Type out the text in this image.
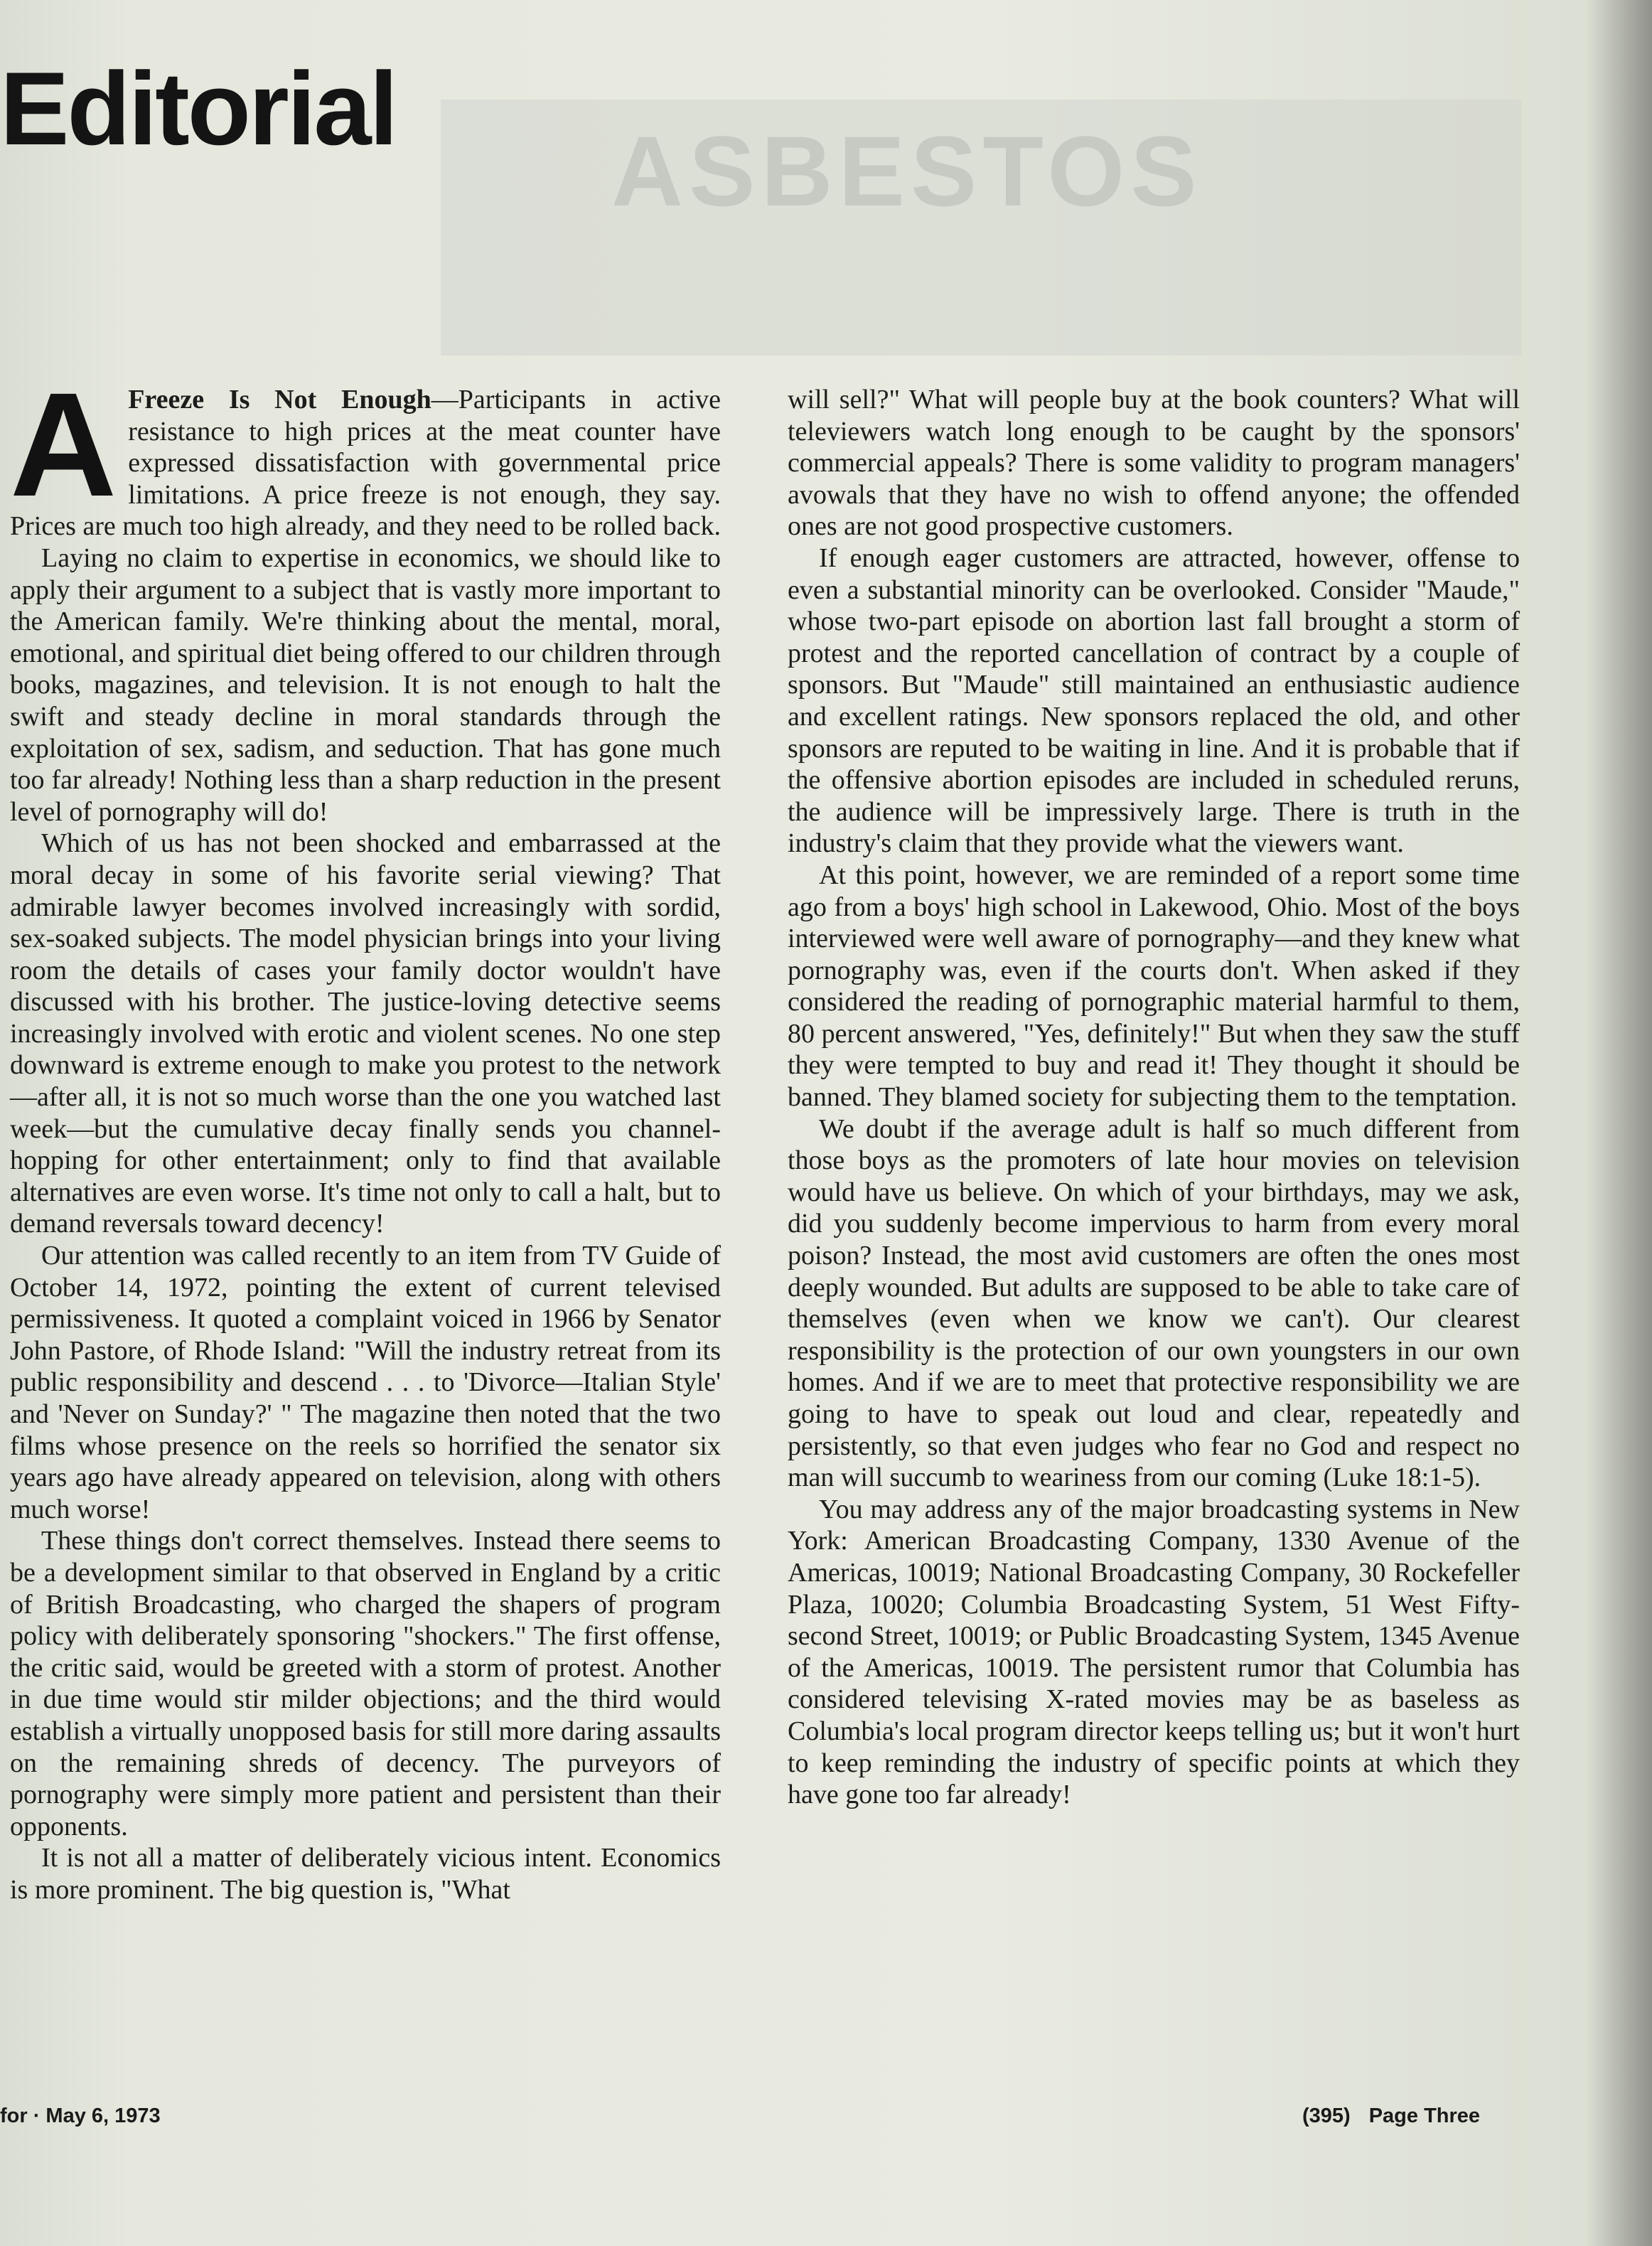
ASBESTOS
Editorial

A Freeze Is Not Enough—Participants in active resistance to high prices at the meat counter have expressed dissatisfaction with governmental price limitations. A price freeze is not enough, they say. Prices are much too high already, and they need to be rolled back.

Laying no claim to expertise in economics, we should like to apply their argument to a subject that is vastly more important to the American family. We're thinking about the mental, moral, emotional, and spiritual diet being offered to our children through books, magazines, and television. It is not enough to halt the swift and steady decline in moral standards through the exploitation of sex, sadism, and seduction. That has gone much too far already! Nothing less than a sharp reduction in the present level of pornography will do!

Which of us has not been shocked and embarrassed at the moral decay in some of his favorite serial viewing? That admirable lawyer becomes involved increasingly with sordid, sex-soaked subjects. The model physician brings into your living room the details of cases your family doctor wouldn't have discussed with his brother. The justice-loving detective seems increasingly involved with erotic and violent scenes. No one step downward is extreme enough to make you protest to the network—after all, it is not so much worse than the one you watched last week—but the cumulative decay finally sends you channel-hopping for other entertainment; only to find that available alternatives are even worse. It's time not only to call a halt, but to demand reversals toward decency!

Our attention was called recently to an item from TV Guide of October 14, 1972, pointing the extent of current televised permissiveness. It quoted a complaint voiced in 1966 by Senator John Pastore, of Rhode Island: "Will the industry retreat from its public responsibility and descend . . . to 'Divorce—Italian Style' and 'Never on Sunday?' " The magazine then noted that the two films whose presence on the reels so horrified the senator six years ago have already appeared on television, along with others much worse!

These things don't correct themselves. Instead there seems to be a development similar to that observed in England by a critic of British Broadcasting, who charged the shapers of program policy with deliberately sponsoring "shockers." The first offense, the critic said, would be greeted with a storm of protest. Another in due time would stir milder objections; and the third would establish a virtually unopposed basis for still more daring assaults on the remaining shreds of decency. The purveyors of pornography were simply more patient and persistent than their opponents.

It is not all a matter of deliberately vicious intent. Economics is more prominent. The big question is, "What

will sell?" What will people buy at the book counters? What will televiewers watch long enough to be caught by the sponsors' commercial appeals? There is some validity to program managers' avowals that they have no wish to offend anyone; the offended ones are not good prospective customers.

If enough eager customers are attracted, however, offense to even a substantial minority can be overlooked. Consider "Maude," whose two-part episode on abortion last fall brought a storm of protest and the reported cancellation of contract by a couple of sponsors. But "Maude" still maintained an enthusiastic audience and excellent ratings. New sponsors replaced the old, and other sponsors are reputed to be waiting in line. And it is probable that if the offensive abortion episodes are included in scheduled reruns, the audience will be impressively large. There is truth in the industry's claim that they provide what the viewers want.

At this point, however, we are reminded of a report some time ago from a boys' high school in Lakewood, Ohio. Most of the boys interviewed were well aware of pornography—and they knew what pornography was, even if the courts don't. When asked if they considered the reading of pornographic material harmful to them, 80 percent answered, "Yes, definitely!" But when they saw the stuff they were tempted to buy and read it! They thought it should be banned. They blamed society for subjecting them to the temptation.

We doubt if the average adult is half so much different from those boys as the promoters of late hour movies on television would have us believe. On which of your birthdays, may we ask, did you suddenly become impervious to harm from every moral poison? Instead, the most avid customers are often the ones most deeply wounded. But adults are supposed to be able to take care of themselves (even when we know we can't). Our clearest responsibility is the protection of our own youngsters in our own homes. And if we are to meet that protective responsibility we are going to have to speak out loud and clear, repeatedly and persistently, so that even judges who fear no God and respect no man will succumb to weariness from our coming (Luke 18:1-5).

You may address any of the major broadcasting systems in New York: American Broadcasting Company, 1330 Avenue of the Americas, 10019; National Broadcasting Company, 30 Rockefeller Plaza, 10020; Columbia Broadcasting System, 51 West Fifty-second Street, 10019; or Public Broadcasting System, 1345 Avenue of the Americas, 10019. The persistent rumor that Columbia has considered televising X-rated movies may be as baseless as Columbia's local program director keeps telling us; but it won't hurt to keep reminding the industry of specific points at which they have gone too far already!

for · May 6, 1973	(395) Page Three
